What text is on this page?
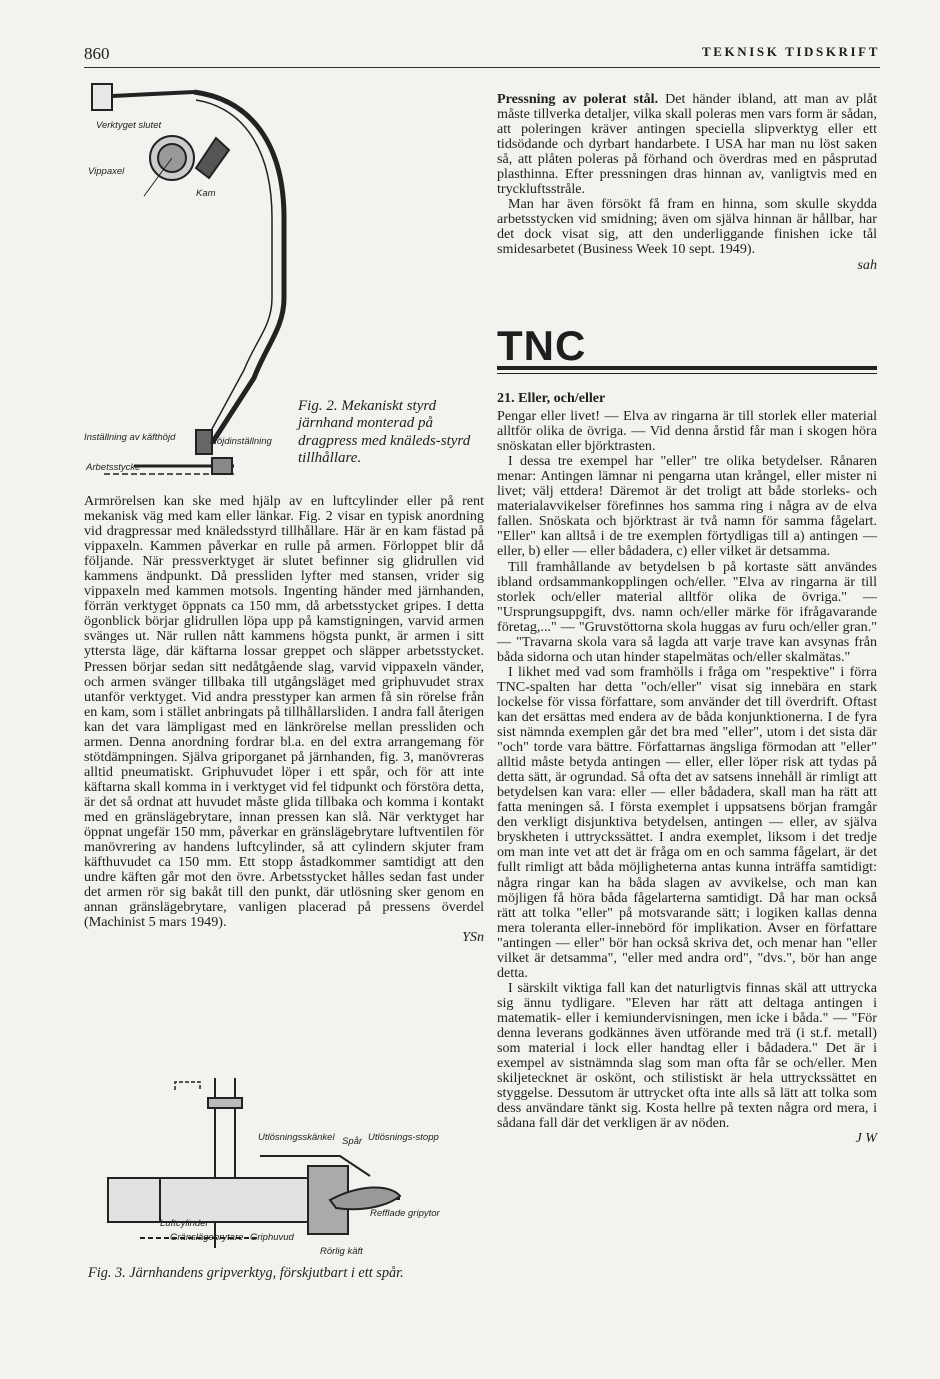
860	TEKNISK TIDSKRIFT
Verktyget slutet
Vippaxel
Kam
Inställning av käfthöjd	Höjdinställning
Arbetsstycke
Fig. 2. Mekaniskt styrd järnhand monterad på dragpress med knäleds-styrd tillhållare.

Armrörelsen kan ske med hjälp av en luftcylinder eller på rent mekanisk väg med kam eller länkar. Fig. 2 visar en typisk anordning vid dragpressar med knäledsstyrd tillhållare. Här är en kam fästad på vippaxeln. Kammen påverkar en rulle på armen. Förloppet blir då följande. När pressverktyget är slutet befinner sig glidrullen vid kammens ändpunkt. Då pressliden lyfter med stansen, vrider sig vippaxeln med kammen motsols. Ingenting händer med järnhanden, förrän verktyget öppnats ca 150 mm, då arbetsstycket gripes. I detta ögonblick börjar glidrullen löpa upp på kamstigningen, varvid armen svänges ut. När rullen nått kammens högsta punkt, är armen i sitt yttersta läge, där käftarna lossar greppet och släpper arbetsstycket. Pressen börjar sedan sitt nedåtgående slag, varvid vippaxeln vänder, och armen svänger tillbaka till utgångsläget med griphuvudet strax utanför verktyget. Vid andra presstyper kan armen få sin rörelse från en kam, som i stället anbringats på tillhållarsliden. I andra fall återigen kan det vara lämpligast med en länkrörelse mellan pressliden och armen. Denna anordning fordrar bl.a. en del extra arrangemang för stötdämpningen. Själva griporganet på järnhanden, fig. 3, manövreras alltid pneumatiskt. Griphuvudet löper i ett spår, och för att inte käftarna skall komma in i verktyget vid fel tidpunkt och förstöra detta, är det så ordnat att huvudet måste glida tillbaka och komma i kontakt med en gränslägebrytare, innan pressen kan slå. När verktyget har öppnat ungefär 150 mm, påverkar en gränslägebrytare luftventilen för manövrering av handens luftcylinder, så att cylindern skjuter fram käfthuvudet ca 150 mm. Ett stopp åstadkommer samtidigt att den undre käften går mot den övre. Arbetsstycket hålles sedan fast under det armen rör sig bakåt till den punkt, där utlösning sker genom en annan gränslägebrytare, vanligen placerad på pressens överdel (Machinist 5 mars 1949).

YSn

Utlösningsskänkel Spår Utlösnings-stopp
Luftcylinder
Gränslägebrytare Griphuvud
Refflade gripytor
Rörlig käft
Fig. 3. Järnhandens gripverktyg, förskjutbart i ett spår.

Pressning av polerat stål. Det händer ibland, att man av plåt måste tillverka detaljer, vilka skall poleras men vars form är sådan, att poleringen kräver antingen speciella slipverktyg eller ett tidsödande och dyrbart handarbete. I USA har man nu löst saken så, att plåten poleras på förhand och överdras med en påsprutad plasthinna. Efter pressningen dras hinnan av, vanligtvis med en tryckluftsstråle.

Man har även försökt få fram en hinna, som skulle skydda arbetsstycken vid smidning; även om själva hinnan är hållbar, har det dock visat sig, att den underliggande finishen icke tål smidesarbetet (Business Week 10 sept. 1949).

sah

TNC

21. Eller, och/eller

Pengar eller livet! — Elva av ringarna är till storlek eller material alltför olika de övriga. — Vid denna årstid får man i skogen höra snöskatan eller björktrasten.

I dessa tre exempel har "eller" tre olika betydelser. Rånaren menar: Antingen lämnar ni pengarna utan krångel, eller mister ni livet; välj ettdera! Däremot är det troligt att både storleks- och materialavvikelser förefinnes hos samma ring i några av de elva fallen. Snöskata och björktrast är två namn för samma fågelart. "Eller" kan alltså i de tre exemplen förtydligas till a) antingen — eller, b) eller — eller bådadera, c) eller vilket är detsamma.

Till framhållande av betydelsen b på kortaste sätt användes ibland ordsammankopplingen och/eller. "Elva av ringarna är till storlek och/eller material alltför olika de övriga." — "Ursprungsuppgift, dvs. namn och/eller märke för ifrågavarande företag,..." — "Gruvstöttorna skola huggas av furu och/eller gran." — "Travarna skola vara så lagda att varje trave kan avsynas från båda sidorna och utan hinder stapelmätas och/eller skalmätas."

I likhet med vad som framhölls i fråga om "respektive" i förra TNC-spalten har detta "och/eller" visat sig innebära en stark lockelse för vissa författare, som använder det till överdrift. Oftast kan det ersättas med endera av de båda konjunktionerna. I de fyra sist nämnda exemplen går det bra med "eller", utom i det sista där "och" torde vara bättre. Författarnas ängsliga förmodan att "eller" alltid måste betyda antingen — eller, eller löper risk att tydas på detta sätt, är ogrundad. Så ofta det av satsens innehåll är rimligt att betydelsen kan vara: eller — eller bådadera, skall man ha rätt att fatta meningen så. I första exemplet i uppsatsens början framgår den verkligt disjunktiva betydelsen, antingen — eller, av själva bryskheten i uttryckssättet. I andra exemplet, liksom i det tredje om man inte vet att det är fråga om en och samma fågelart, är det fullt rimligt att båda möjligheterna antas kunna inträffa samtidigt: några ringar kan ha båda slagen av avvikelse, och man kan möjligen få höra båda fågelarterna samtidigt. Då har man också rätt att tolka "eller" på motsvarande sätt; i logiken kallas denna mera toleranta eller-innebörd för implikation. Avser en författare "antingen — eller" bör han också skriva det, och menar han "eller vilket är detsamma", "eller med andra ord", "dvs.", bör han ange detta.

I särskilt viktiga fall kan det naturligtvis finnas skäl att uttrycka sig ännu tydligare. "Eleven har rätt att deltaga antingen i matematik- eller i kemiundervisningen, men icke i båda." — "För denna leverans godkännes även utförande med trä (i st.f. metall) som material i lock eller handtag eller i bådadera." Det är i exempel av sistnämnda slag som man ofta får se och/eller. Men skiljetecknet är oskönt, och stilistiskt är hela uttryckssättet en styggelse. Dessutom är uttrycket ofta inte alls så lätt att tolka som dess användare tänkt sig. Kosta hellre på texten några ord mera, i sådana fall där det verkligen är av nöden.

J W
